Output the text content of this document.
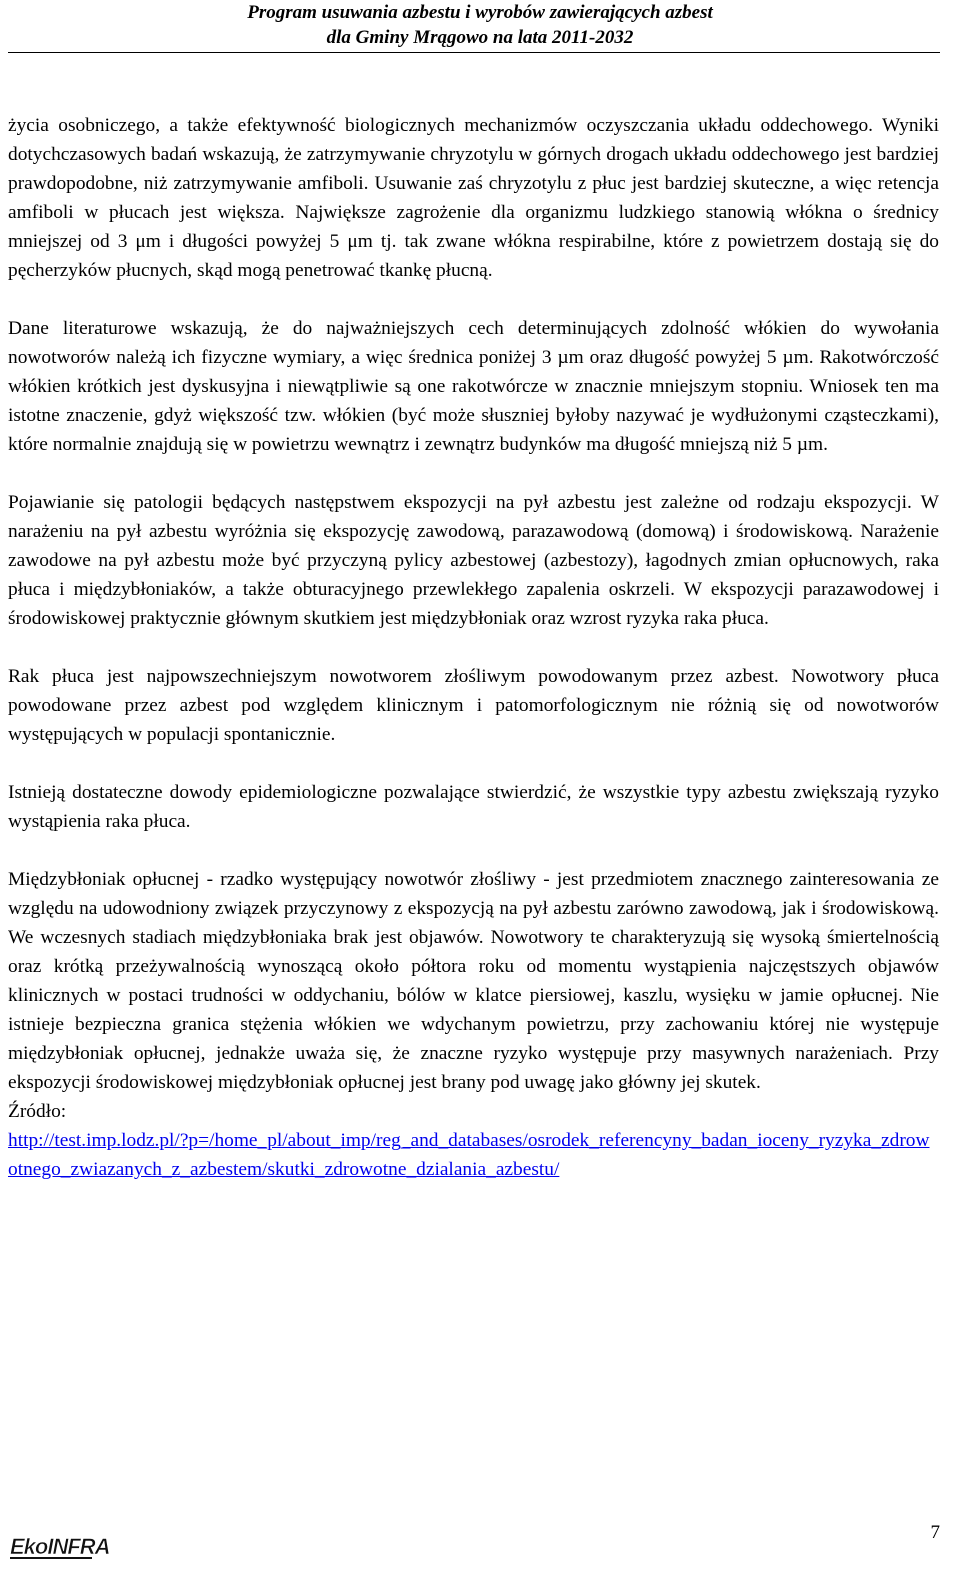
Program usuwania azbestu i wyrobów zawierających azbest
dla Gminy Mrągowo na lata 2011-2032

życia osobniczego, a także efektywność biologicznych mechanizmów oczyszczania układu oddechowego. Wyniki dotychczasowych badań wskazują, że zatrzymywanie chryzotylu w górnych drogach układu oddechowego jest bardziej prawdopodobne, niż zatrzymywanie amfiboli. Usuwanie zaś chryzotylu z płuc jest bardziej skuteczne, a więc retencja amfiboli w płucach jest większa. Największe zagrożenie dla organizmu ludzkiego stanowią włókna o średnicy mniejszej od 3 μm i długości powyżej 5 μm tj. tak zwane włókna respirabilne, które z powietrzem dostają się do pęcherzyków płucnych, skąd mogą penetrować tkankę płucną.

Dane literaturowe wskazują, że do najważniejszych cech determinujących zdolność włókien do wywołania nowotworów należą ich fizyczne wymiary, a więc średnica poniżej 3 µm oraz długość powyżej 5 µm. Rakotwórczość włókien krótkich jest dyskusyjna i niewątpliwie są one rakotwórcze w znacznie mniejszym stopniu. Wniosek ten ma istotne znaczenie, gdyż większość tzw. włókien (być może słuszniej byłoby nazywać je wydłużonymi cząsteczkami), które normalnie znajdują się w powietrzu wewnątrz i zewnątrz budynków ma długość mniejszą niż 5 µm.

Pojawianie się patologii będących następstwem ekspozycji na pył azbestu jest zależne od rodzaju ekspozycji. W narażeniu na pył azbestu wyróżnia się ekspozycję zawodową, parazawodową (domową) i środowiskową. Narażenie zawodowe na pył azbestu może być przyczyną pylicy azbestowej (azbestozy), łagodnych zmian opłucnowych, raka płuca i międzybłoniaków, a także obturacyjnego przewlekłego zapalenia oskrzeli. W ekspozycji parazawodowej i środowiskowej praktycznie głównym skutkiem jest międzybłoniak oraz wzrost ryzyka raka płuca.

Rak płuca jest najpowszechniejszym nowotworem złośliwym powodowanym przez azbest. Nowotwory płuca powodowane przez azbest pod względem klinicznym i patomorfologicznym nie różnią się od nowotworów występujących w populacji spontanicznie.

Istnieją dostateczne dowody epidemiologiczne pozwalające stwierdzić, że wszystkie typy azbestu zwiększają ryzyko wystąpienia raka płuca.

Międzybłoniak opłucnej - rzadko występujący nowotwór złośliwy - jest przedmiotem znacznego zainteresowania ze względu na udowodniony związek przyczynowy z ekspozycją na pył azbestu zarówno zawodową, jak i środowiskową. We wczesnych stadiach międzybłoniaka brak jest objawów. Nowotwory te charakteryzują się wysoką śmiertelnością oraz krótką przeżywalnością wynoszącą około półtora roku od momentu wystąpienia najczęstszych objawów klinicznych w postaci trudności w oddychaniu, bólów w klatce piersiowej, kaszlu, wysięku w jamie opłucnej. Nie istnieje bezpieczna granica stężenia włókien we wdychanym powietrzu, przy zachowaniu której nie występuje międzybłoniak opłucnej, jednakże uważa się, że znaczne ryzyko występuje przy masywnych narażeniach. Przy ekspozycji środowiskowej międzybłoniak opłucnej jest brany pod uwagę jako główny jej skutek.

Źródło:
http://test.imp.lodz.pl/?p=/home_pl/about_imp/reg_and_databases/osrodek_referencyny_badan_ioceny_ryzyka_zdrowotnego_zwiazanych_z_azbestem/skutki_zdrowotne_dzialania_azbestu/
EkoINFRA
7
